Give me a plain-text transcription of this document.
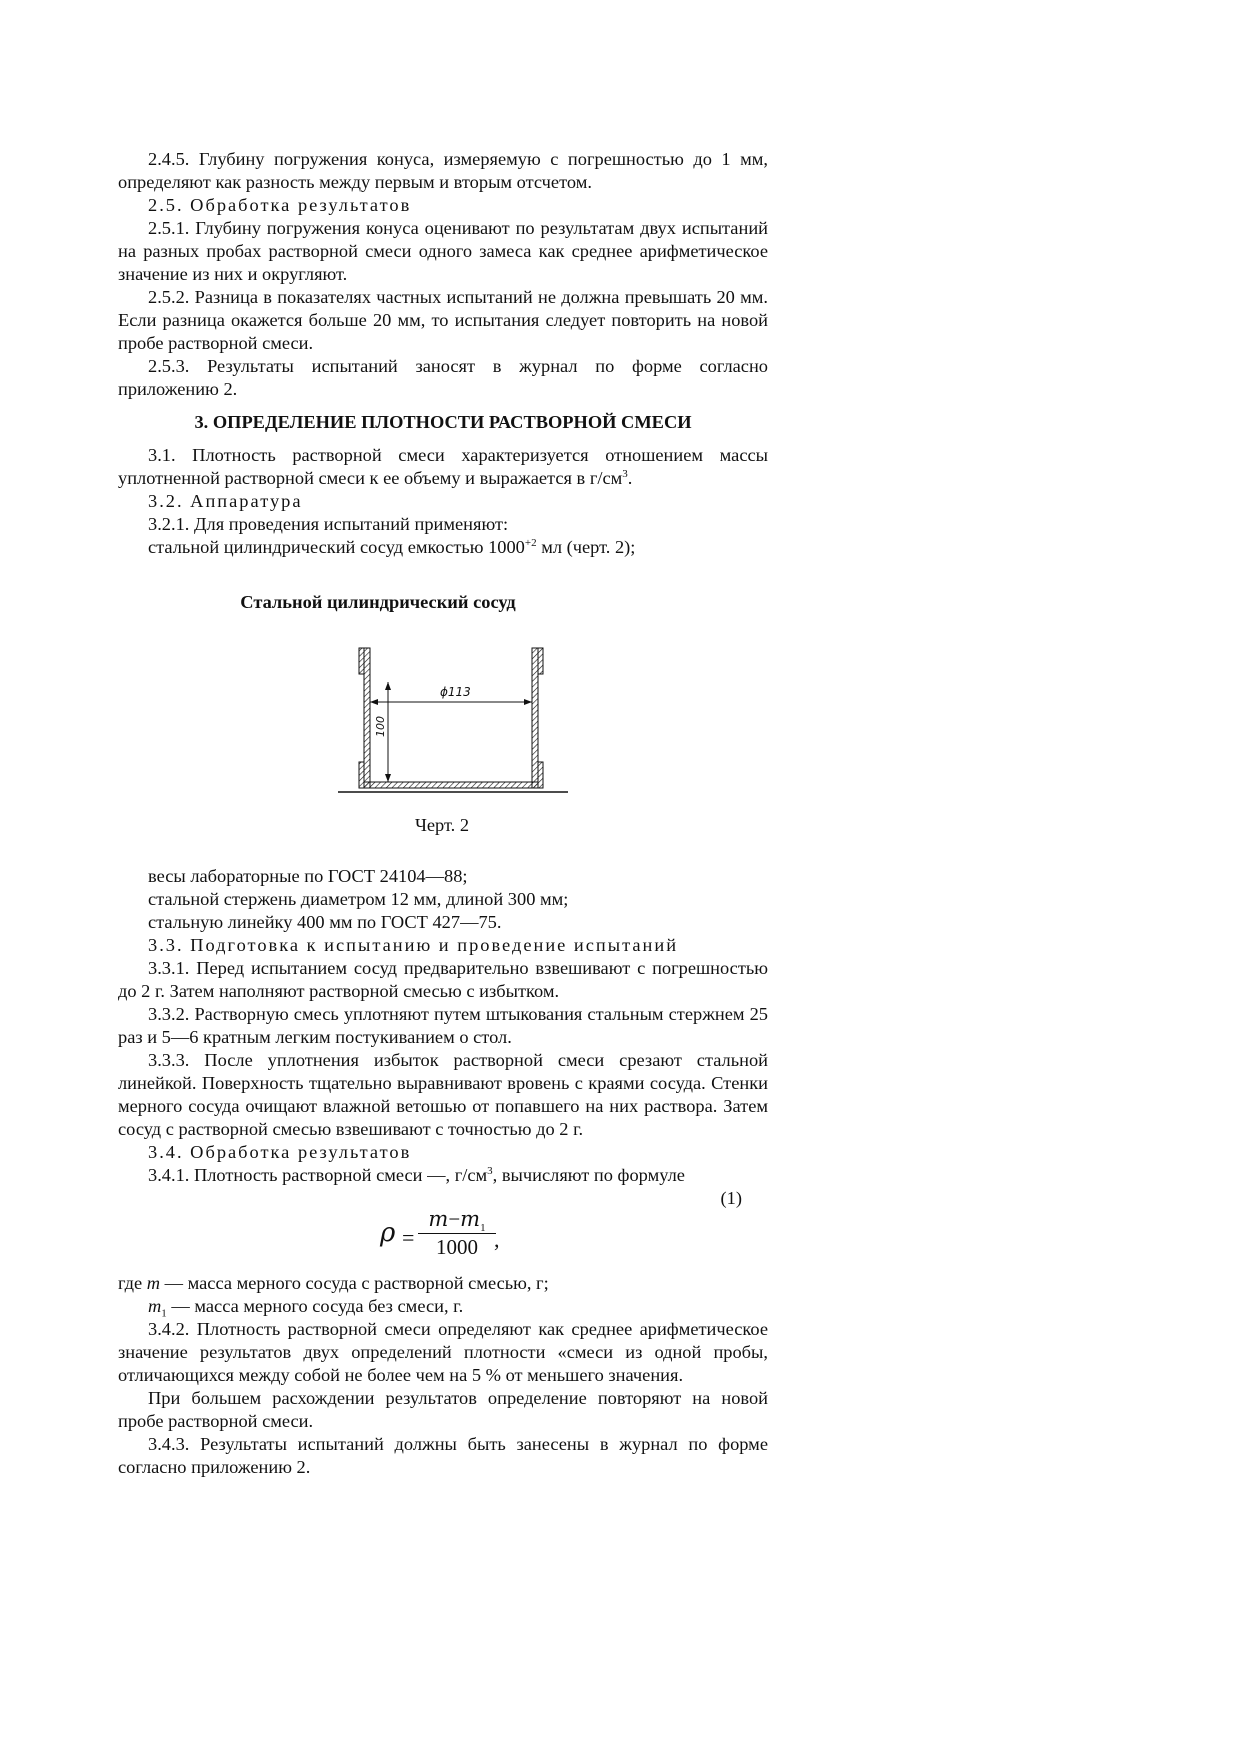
2.4.5. Глубину погружения конуса, измеряемую с погрешностью до 1 мм, определяют как разность между первым и вторым отсчетом.

2.5. Обработка результатов

2.5.1. Глубину погружения конуса оценивают по результатам двух испытаний на разных пробах растворной смеси одного замеса как среднее арифметическое значение из них и округляют.

2.5.2. Разница в показателях частных испытаний не должна превышать 20 мм. Если разница окажется больше 20 мм, то испытания следует повторить на новой пробе растворной смеси.

2.5.3. Результаты испытаний заносят в журнал по форме согласно приложению 2.

3. ОПРЕДЕЛЕНИЕ ПЛОТНОСТИ РАСТВОРНОЙ СМЕСИ

3.1. Плотность растворной смеси характеризуется отношением массы уплотненной растворной смеси к ее объему и выражается в $г/см^3$.

3.2. Аппаратура

3.2.1. Для проведения испытаний применяют:

стальной цилиндрический сосуд емкостью $1000^{+2}$ мл (черт. 2);

Стальной цилиндрический сосуд

ϕ113
100

Черт. 2

весы лабораторные по ГОСТ 24104—88;

стальной стержень диаметром 12 мм, длиной 300 мм;

стальную линейку 400 мм по ГОСТ 427—75.

3.3. Подготовка к испытанию и проведение испытаний

3.3.1. Перед испытанием сосуд предварительно взвешивают с погрешностью до 2 г. Затем наполняют растворной смесью с избытком.

3.3.2. Растворную смесь уплотняют путем штыкования стальным стержнем 25 раз и 5—6 кратным легким постукиванием о стол.

3.3.3. После уплотнения избыток растворной смеси срезают стальной линейкой. Поверхность тщательно выравнивают вровень с краями сосуда. Стенки мерного сосуда очищают влажной ветошью от попавшего на них раствора. Затем сосуд с растворной смесью взвешивают с точностью до 2 г.

3.4. Обработка результатов

3.4.1. Плотность растворной смеси —, $г/см^3$, вычисляют по формуле

(1)

$\rho = \frac{m-m_1}{1000}$
,

где m — масса мерного сосуда с растворной смесью, г;

$m_1$ — масса мерного сосуда без смеси, г.

3.4.2. Плотность растворной смеси определяют как среднее арифметическое значение результатов двух определений плотности «смеси из одной пробы, отличающихся между собой не более чем на 5 % от меньшего значения.

При большем расхождении результатов определение повторяют на новой пробе растворной смеси.

3.4.3. Результаты испытаний должны быть занесены в журнал по форме согласно приложению 2.
